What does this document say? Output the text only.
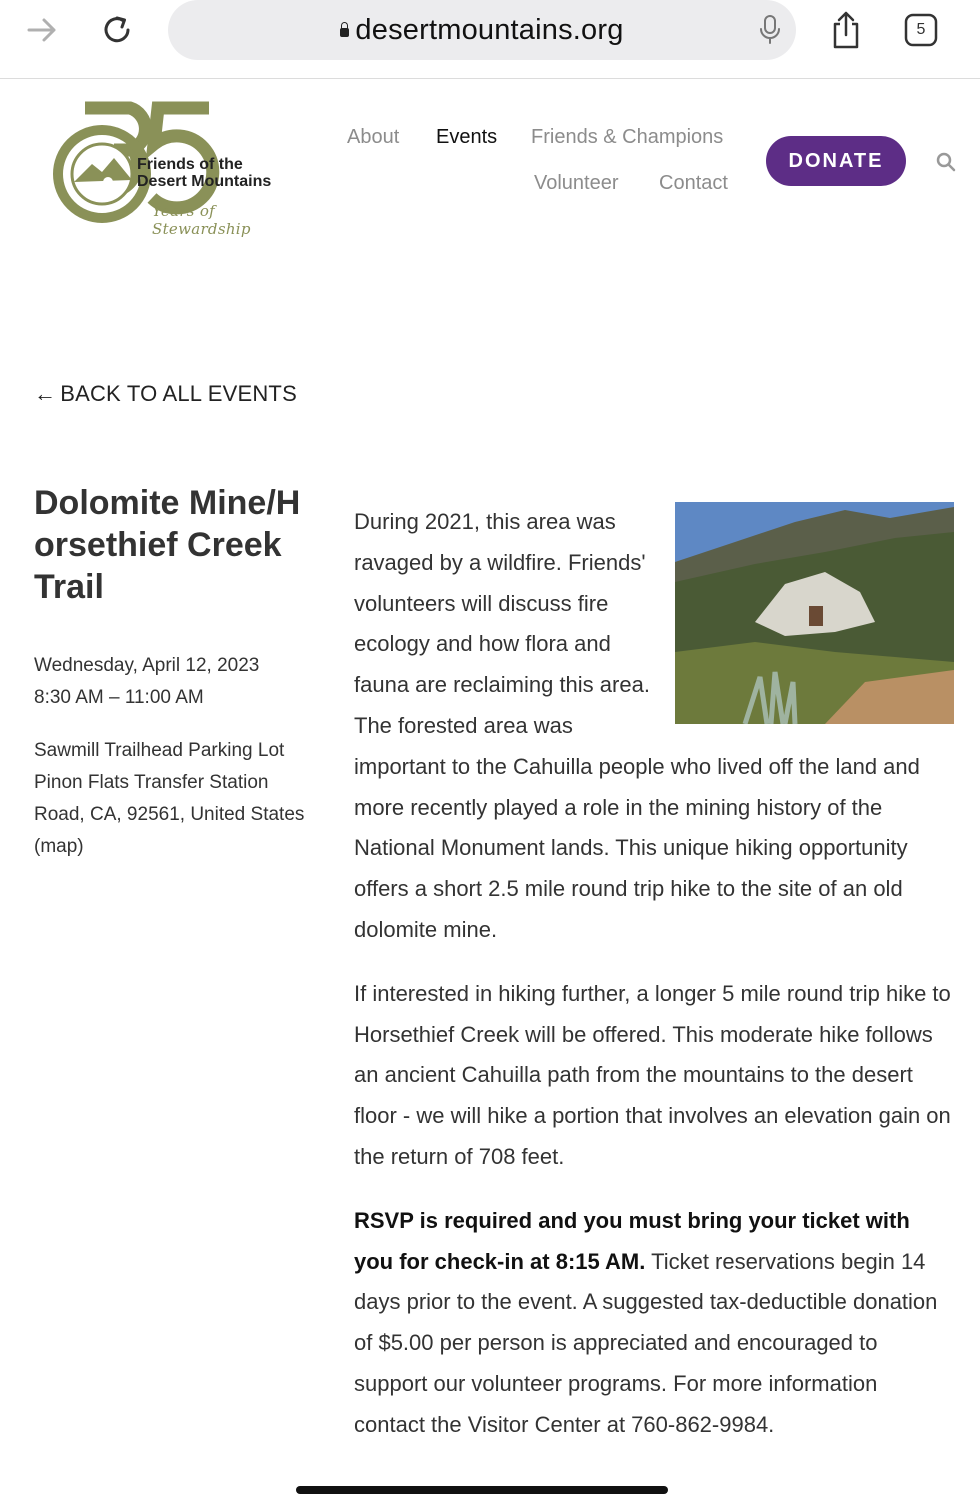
desertmountains.org	5
Friends of the
Desert Mountains
Years of Stewardship
About Events Friends & Champions
Volunteer Contact
DONATE
← BACK TO ALL EVENTS
Dolomite Mine/Horsethief Creek Trail
Wednesday, April 12, 2023
8:30 AM – 11:00 AM
Sawmill Trailhead Parking Lot Pinon Flats Transfer Station Road, CA, 92561, United States (map)

During 2021, this area was ravaged by a wildfire. Friends' volunteers will discuss fire ecology and how flora and fauna are reclaiming this area. The forested area was important to the Cahuilla people who lived off the land and more recently played a role in the mining history of the National Monument lands. This unique hiking opportunity offers a short 2.5 mile round trip hike to the site of an old dolomite mine.

If interested in hiking further, a longer 5 mile round trip hike to Horsethief Creek will be offered. This moderate hike follows an ancient Cahuilla path from the mountains to the desert floor - we will hike a portion that involves an elevation gain on the return of 708 feet.

RSVP is required and you must bring your ticket with you for check-in at 8:15 AM. Ticket reservations begin 14 days prior to the event. A suggested tax-deductible donation of $5.00 per person is appreciated and encouraged to support our volunteer programs. For more information contact the Visitor Center at 760-862-9984.
